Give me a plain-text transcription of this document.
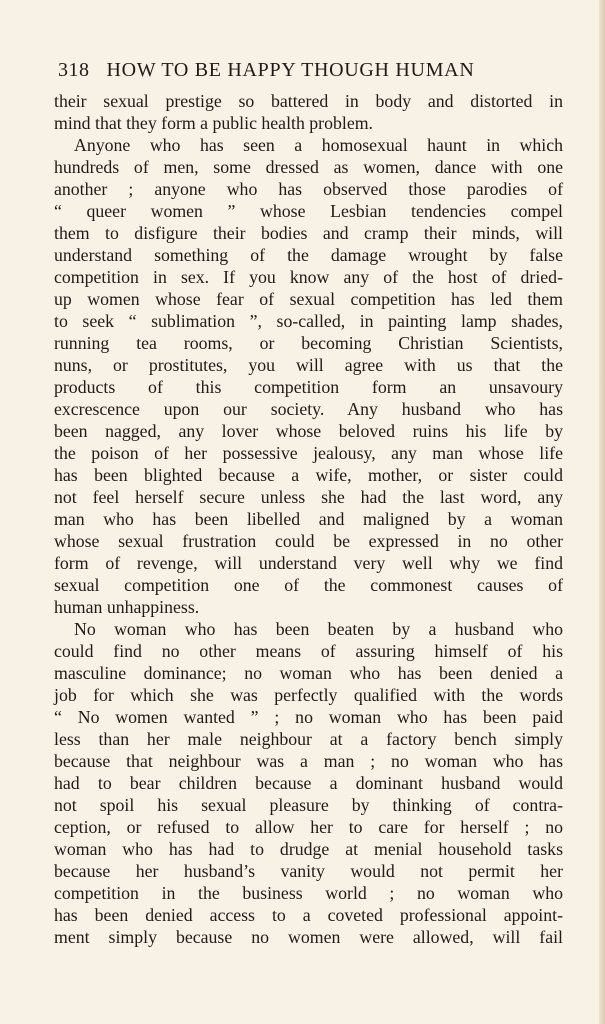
318 HOW TO BE HAPPY THOUGH HUMAN
their sexual prestige so battered in body and distorted in
mind that they form a public health problem.
Anyone who has seen a homosexual haunt in which
hundreds of men, some dressed as women, dance with one
another ; anyone who has observed those parodies of
“ queer women ” whose Lesbian tendencies compel
them to disfigure their bodies and cramp their minds, will
understand something of the damage wrought by false
competition in sex. If you know any of the host of dried-
up women whose fear of sexual competition has led them
to seek “ sublimation ”, so-called, in painting lamp shades,
running tea rooms, or becoming Christian Scientists,
nuns, or prostitutes, you will agree with us that the
products of this competition form an unsavoury
excrescence upon our society. Any husband who has
been nagged, any lover whose beloved ruins his life by
the poison of her possessive jealousy, any man whose life
has been blighted because a wife, mother, or sister could
not feel herself secure unless she had the last word, any
man who has been libelled and maligned by a woman
whose sexual frustration could be expressed in no other
form of revenge, will understand very well why we find
sexual competition one of the commonest causes of
human unhappiness.
No woman who has been beaten by a husband who
could find no other means of assuring himself of his
masculine dominance; no woman who has been denied a
job for which she was perfectly qualified with the words
“ No women wanted ” ; no woman who has been paid
less than her male neighbour at a factory bench simply
because that neighbour was a man ; no woman who has
had to bear children because a dominant husband would
not spoil his sexual pleasure by thinking of contra-
ception, or refused to allow her to care for herself ; no
woman who has had to drudge at menial household tasks
because her husband’s vanity would not permit her
competition in the business world ; no woman who
has been denied access to a coveted professional appoint-
ment simply because no women were allowed, will fail
